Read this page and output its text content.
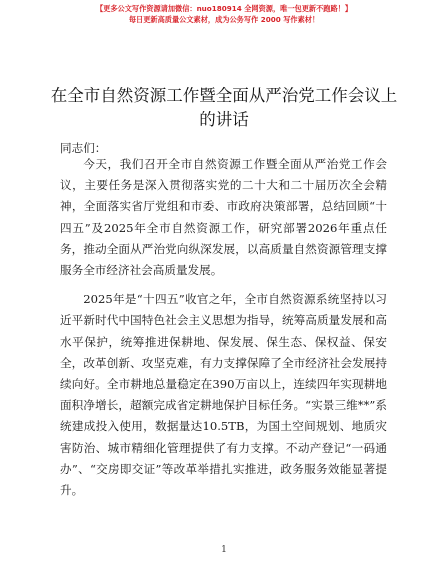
【更多公文写作资源请加微信：nuo180914 全网资源，唯一包更新不跑路！】
每日更新高质量公文素材，成为公务写作 2000 写作素材！
在全市自然资源工作暨全面从严治党工作会议上的讲话
同志们：

今天，我们召开全市自然资源工作暨全面从严治党工作会议，主要任务是深入贯彻落实党的二十大和二十届历次全会精神，全面落实省厅党组和市委、市政府决策部署，总结回顾“十四五”及2025年全市自然资源工作，研究部署2026年重点任务，推动全面从严治党向纵深发展，以高质量自然资源管理支撑服务全市经济社会高质量发展。

2025年是“十四五”收官之年，全市自然资源系统坚持以习近平新时代中国特色社会主义思想为指导，统筹高质量发展和高水平保护，统筹推进保耕地、保发展、保生态、保权益、保安全，改革创新、攻坚克难，有力支撑保障了全市经济社会发展持续向好。全市耕地总量稳定在390万亩以上，连续四年实现耕地面积净增长，超额完成省定耕地保护目标任务。“实景三维**”系统建成投入使用，数据量达10.5TB，为国土空间规划、地质灾害防治、城市精细化管理提供了有力支撑。不动产登记“一码通办”、“交房即交证”等改革举措扎实推进，政务服务效能显著提升。

1
